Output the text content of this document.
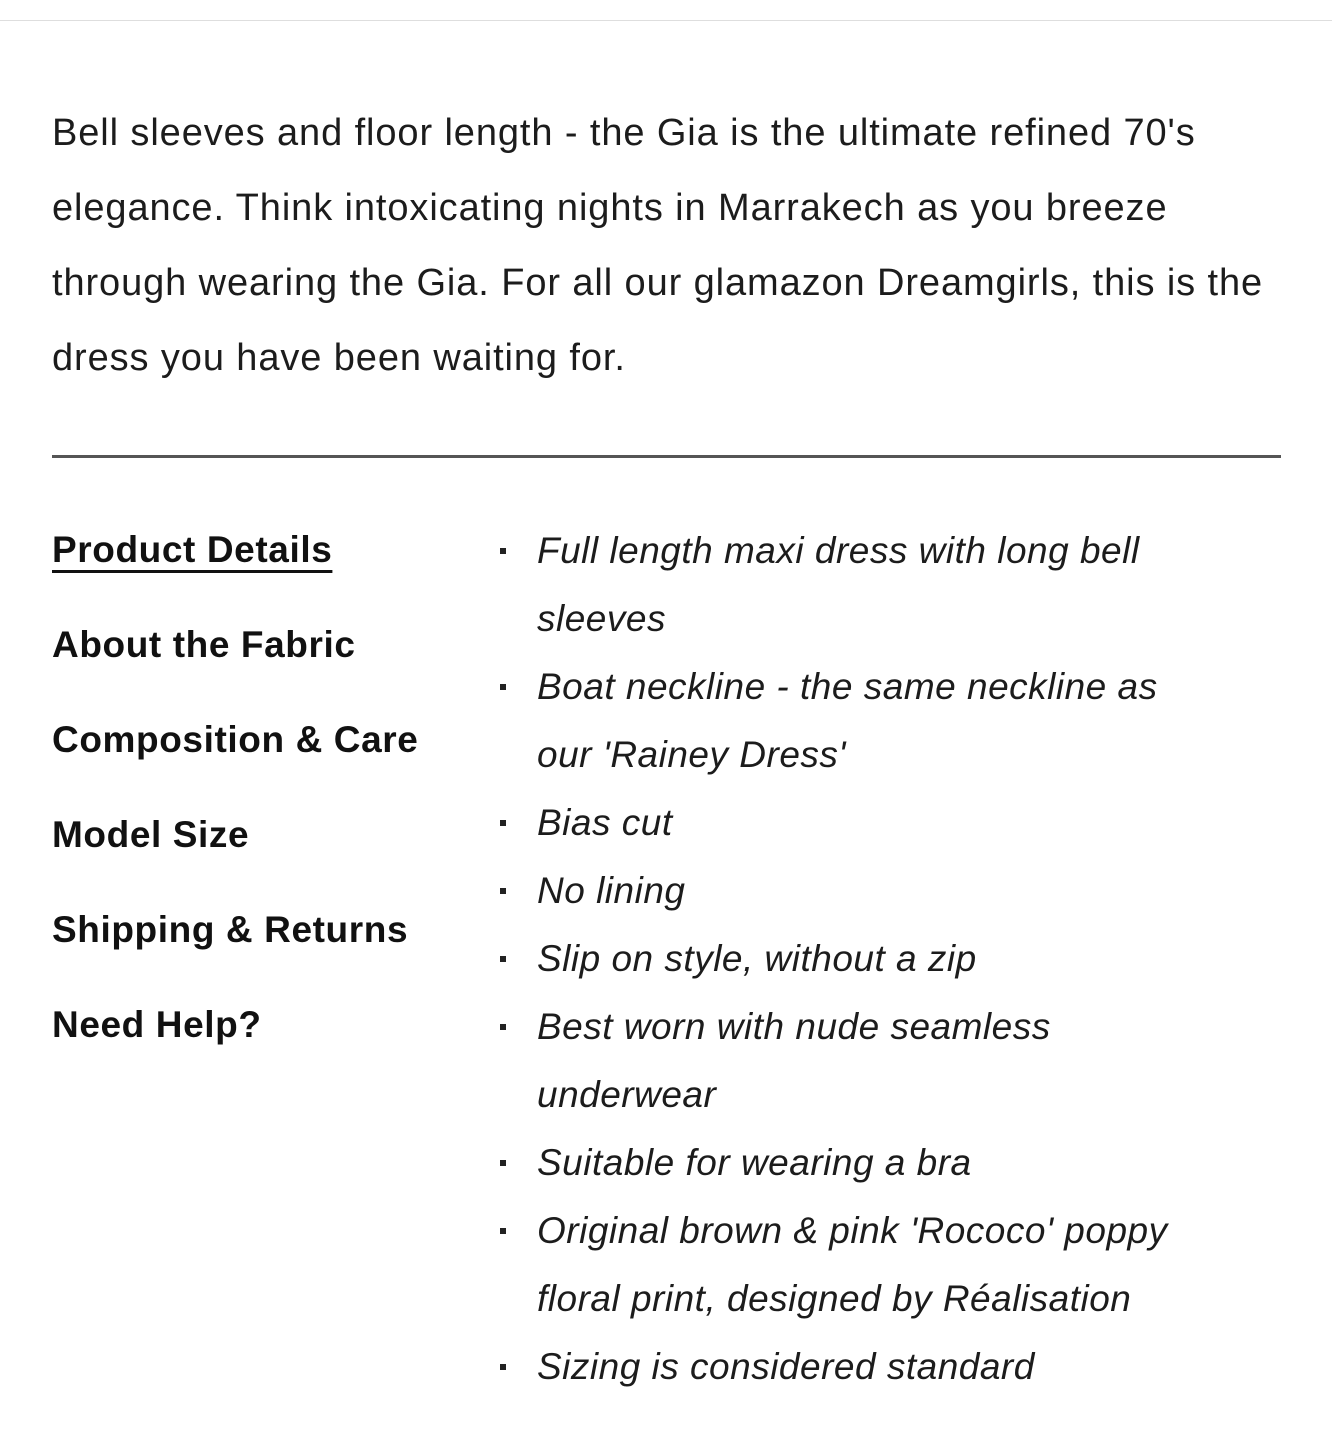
Bell sleeves and floor length - the Gia is the ultimate refined 70's elegance. Think intoxicating nights in Marrakech as you breeze through wearing the Gia. For all our glamazon Dreamgirls, this is the dress you have been waiting for.

Product Details
About the Fabric
Composition & Care
Model Size
Shipping & Returns
Need Help?
Full length maxi dress with long bell sleeves
Boat neckline - the same neckline as our 'Rainey Dress'
Bias cut
No lining
Slip on style, without a zip
Best worn with nude seamless underwear
Suitable for wearing a bra
Original brown & pink 'Rococo' poppy floral print, designed by Réalisation
Sizing is considered standard
